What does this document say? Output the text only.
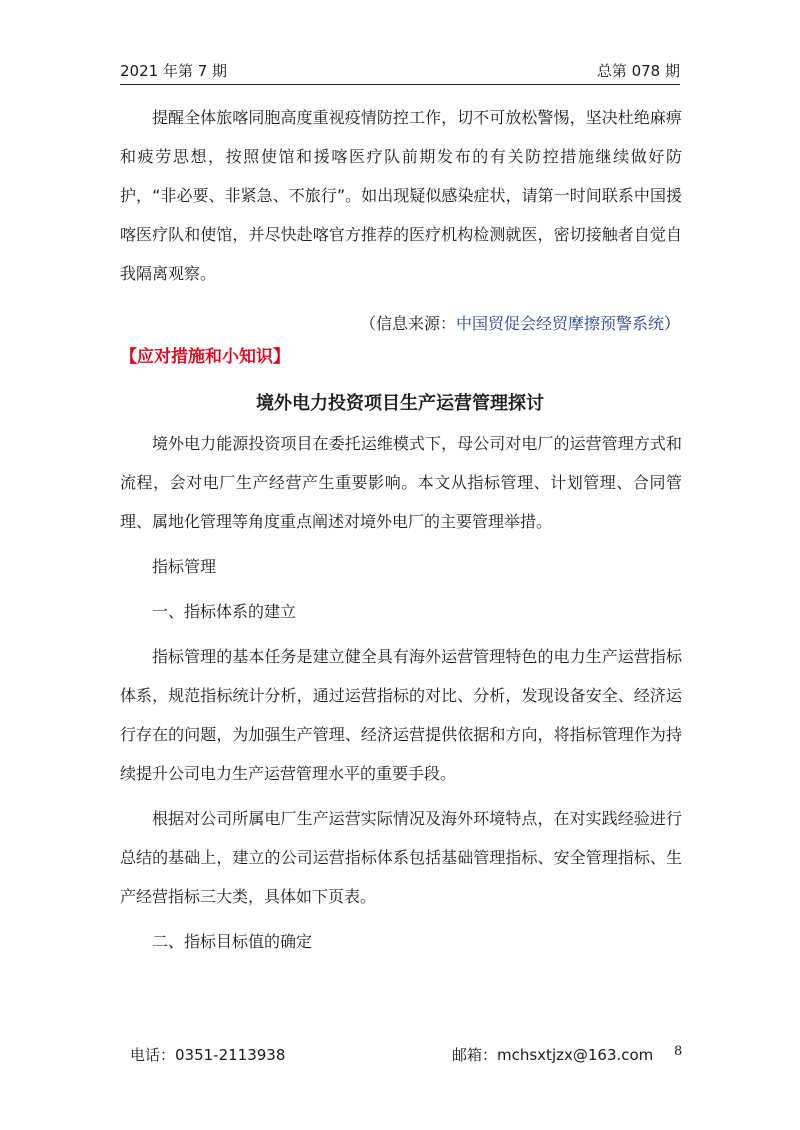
2021 年第 7 期	总第 078 期

提醒全体旅喀同胞高度重视疫情防控工作，切不可放松警惕，坚决杜绝麻痹和疲劳思想，按照使馆和援喀医疗队前期发布的有关防控措施继续做好防护，“非必要、非紧急、不旅行”。如出现疑似感染症状，请第一时间联系中国援喀医疗队和使馆，并尽快赴喀官方推荐的医疗机构检测就医，密切接触者自觉自我隔离观察。

（信息来源：中国贸促会经贸摩擦预警系统）
【应对措施和小知识】
境外电力投资项目生产运营管理探讨

境外电力能源投资项目在委托运维模式下，母公司对电厂的运营管理方式和流程，会对电厂生产经营产生重要影响。本文从指标管理、计划管理、合同管理、属地化管理等角度重点阐述对境外电厂的主要管理举措。

指标管理

一、指标体系的建立

指标管理的基本任务是建立健全具有海外运营管理特色的电力生产运营指标体系，规范指标统计分析，通过运营指标的对比、分析，发现设备安全、经济运行存在的问题，为加强生产管理、经济运营提供依据和方向，将指标管理作为持续提升公司电力生产运营管理水平的重要手段。

根据对公司所属电厂生产运营实际情况及海外环境特点，在对实践经验进行总结的基础上，建立的公司运营指标体系包括基础管理指标、安全管理指标、生产经营指标三大类，具体如下页表。

二、指标目标值的确定

电话：0351-2113938	邮箱：mchsxtjzx@163.com 8
